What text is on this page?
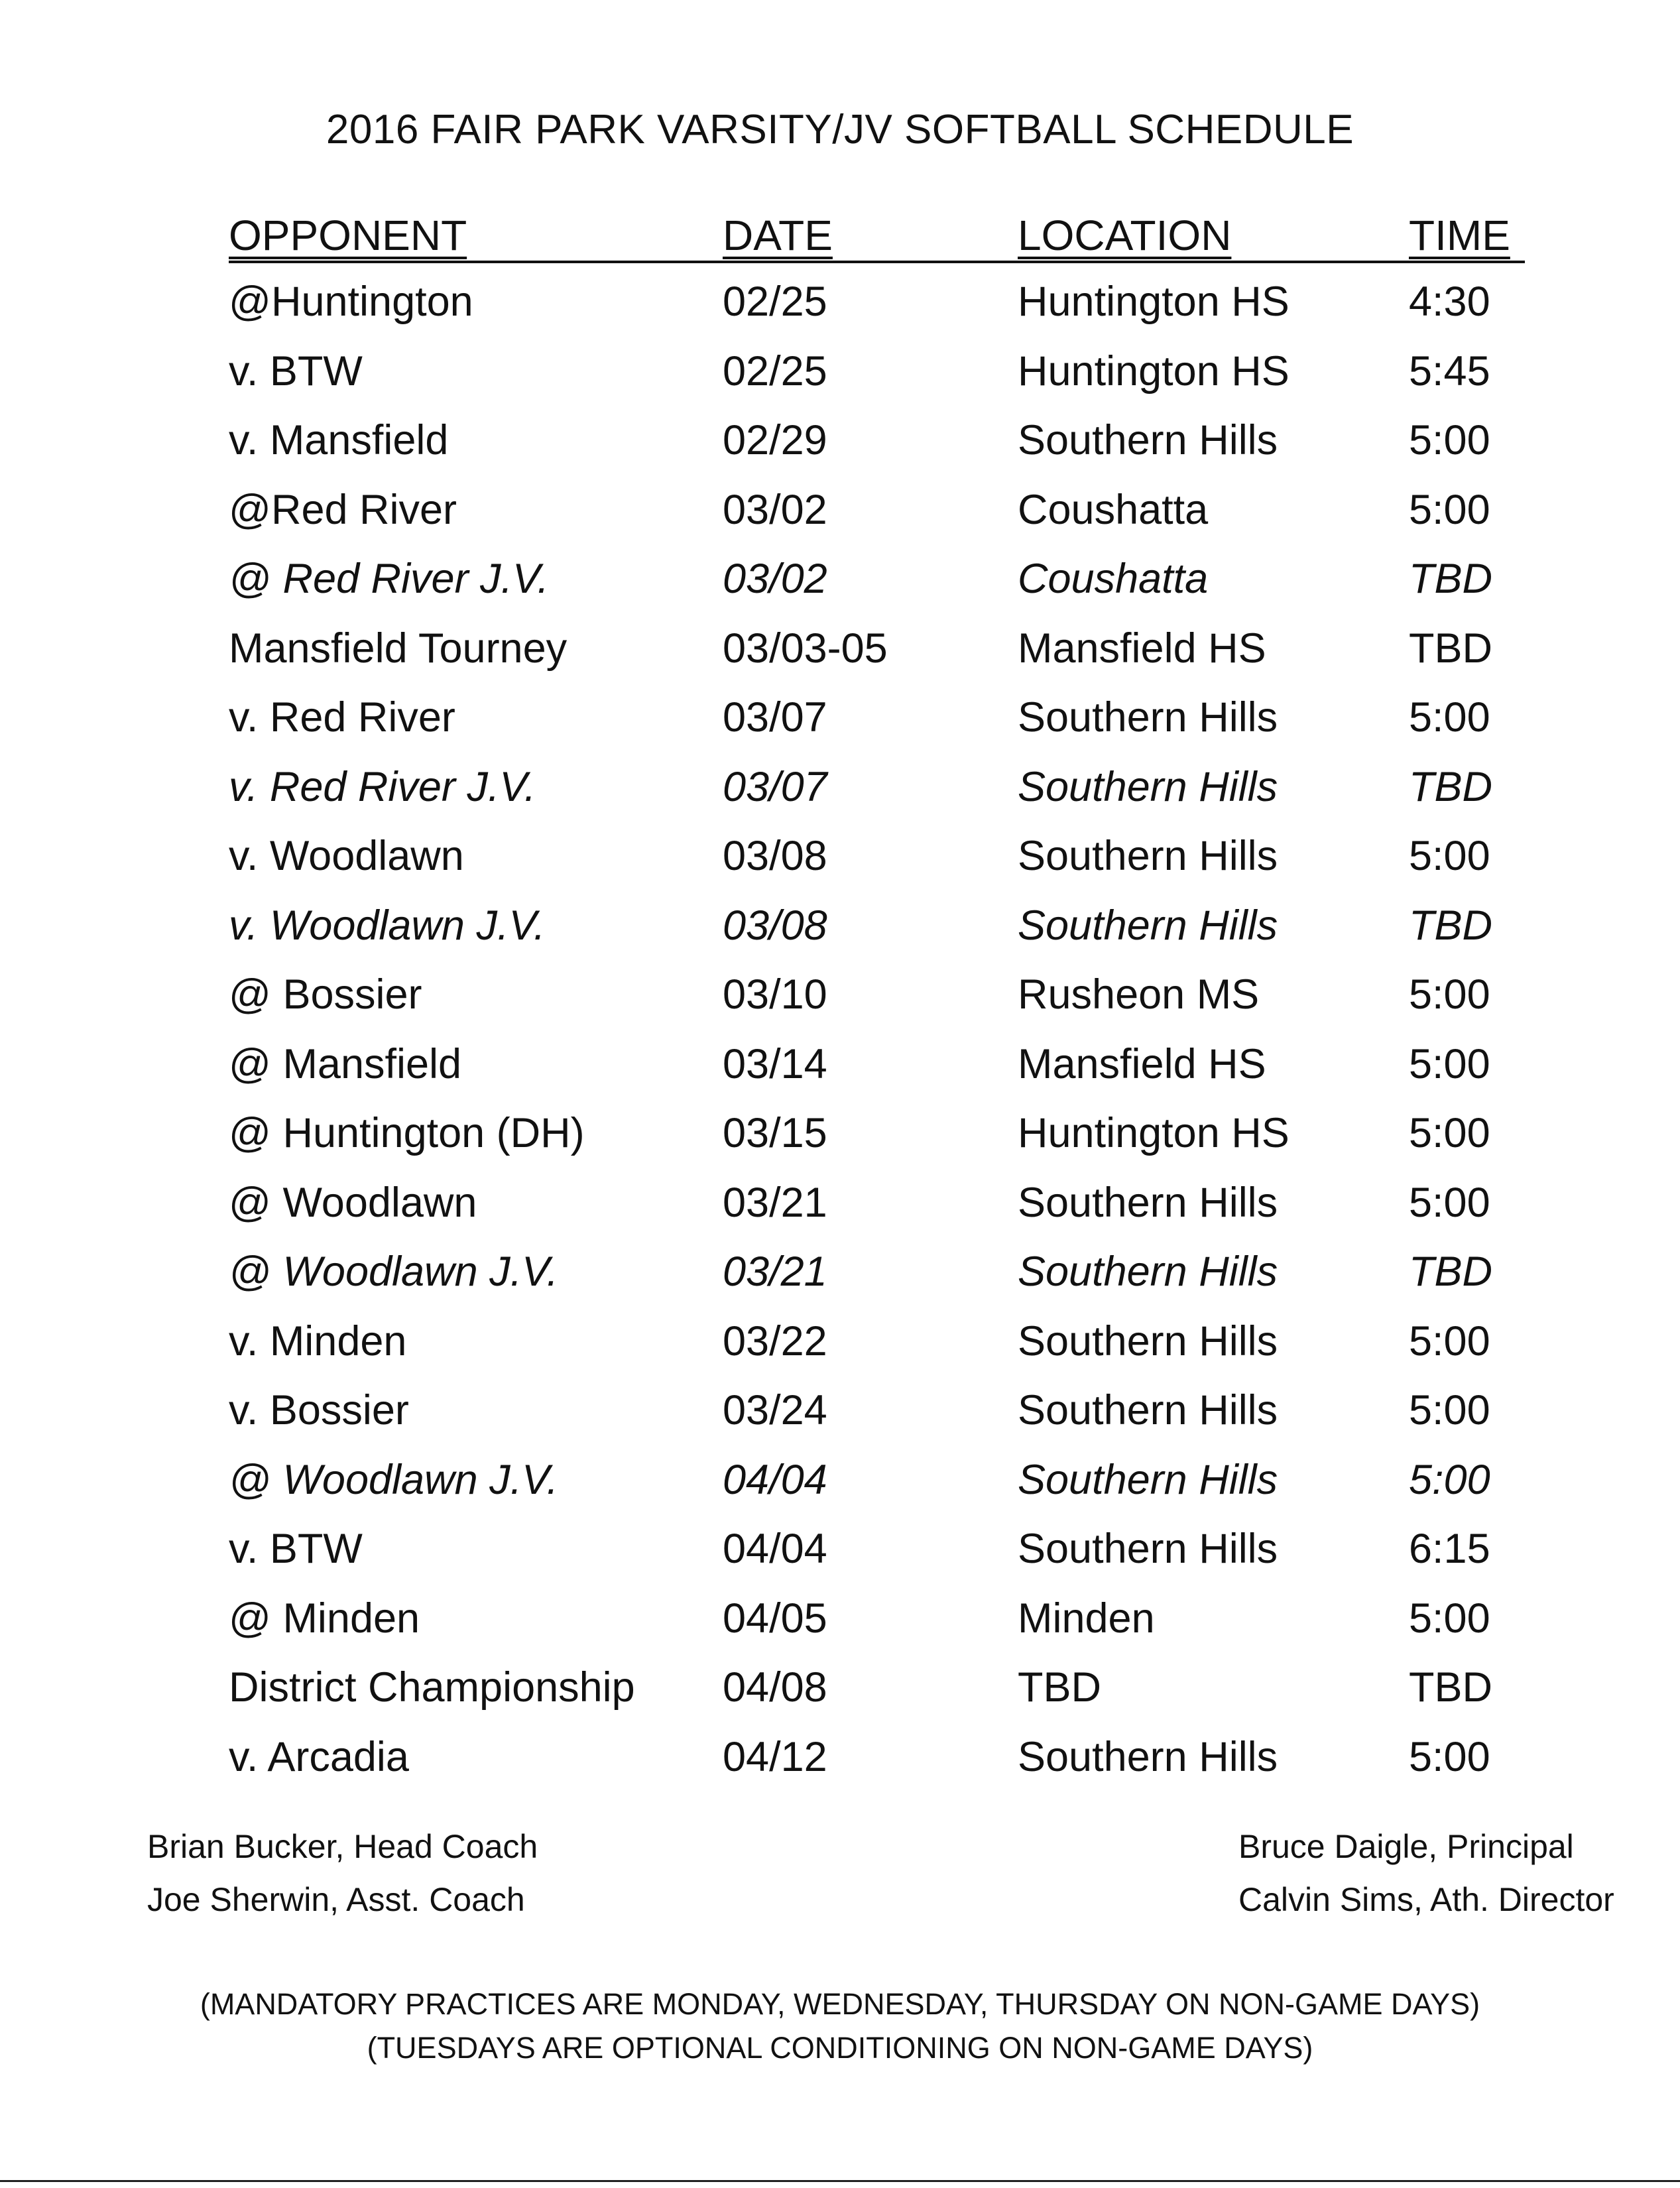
2016 FAIR PARK VARSITY/JV SOFTBALL SCHEDULE
OPPONENT	DATE	LOCATION	TIME
@Huntington	02/25	Huntington HS	4:30
v. BTW	02/25	Huntington HS	5:45
v. Mansfield	02/29	Southern Hills	5:00
@Red River	03/02	Coushatta	5:00
@ Red River J.V.	03/02	Coushatta	TBD
Mansfield Tourney	03/03-05	Mansfield HS	TBD
v. Red River	03/07	Southern Hills	5:00
v. Red River J.V.	03/07	Southern Hills	TBD
v. Woodlawn	03/08	Southern Hills	5:00
v. Woodlawn J.V.	03/08	Southern Hills	TBD
@ Bossier	03/10	Rusheon MS	5:00
@ Mansfield	03/14	Mansfield HS	5:00
@ Huntington (DH)	03/15	Huntington HS	5:00
@ Woodlawn	03/21	Southern Hills	5:00
@ Woodlawn J.V.	03/21	Southern Hills	TBD
v. Minden	03/22	Southern Hills	5:00
v. Bossier	03/24	Southern Hills	5:00
@ Woodlawn J.V.	04/04	Southern Hills	5:00
v. BTW	04/04	Southern Hills	6:15
@ Minden	04/05	Minden	5:00
District Championship	04/08	TBD	TBD
v. Arcadia	04/12	Southern Hills	5:00
Brian Bucker, Head Coach
Joe Sherwin, Asst. Coach
Bruce Daigle, Principal
Calvin Sims, Ath. Director
(MANDATORY PRACTICES ARE MONDAY, WEDNESDAY, THURSDAY ON NON-GAME DAYS)
(TUESDAYS ARE OPTIONAL CONDITIONING ON NON-GAME DAYS)
